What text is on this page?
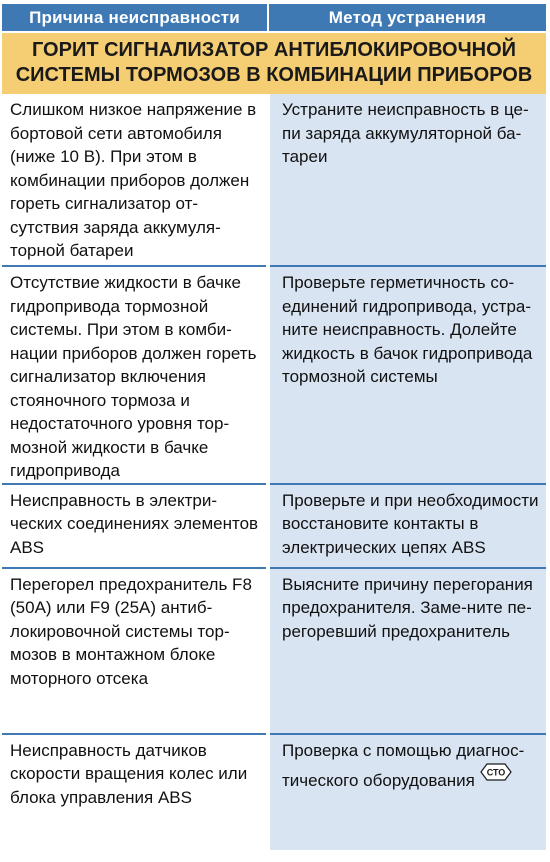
Причина неисправности	Метод устранения
ГОРИТ СИГНАЛИЗАТОР АНТИБЛОКИРОВОЧНОЙ СИСТЕМЫ ТОРМОЗОВ В КОМБИНАЦИИ ПРИБОРОВ	
Слишком низкое напряжение в бортовой сети автомобиля (ниже 10 В). При этом в комбинации приборов должен гореть сигнализатор отсутствия заряда аккумуляторной батареи	Устраните неисправность в цепи заряда аккумуляторной батареи
Отсутствие жидкости в бачке гидропривода тормозной системы. При этом в комбинации приборов должен гореть сигнализатор включения стояночного тормоза и недостаточного уровня тормозной жидкости в бачке гидропривода	Проверьте герметичность соединений гидропривода, устраните неисправность. Долейте жидкость в бачок гидропривода тормозной системы
Неисправность в электрических соединениях элементов ABS	Проверьте и при необходимости восстановите контакты в электрических цепях ABS
Перегорел предохранитель F8 (50А) или F9 (25А) антиблокировочной системы тормозов в монтажном блоке моторного отсека	Выясните причину перегорания предохранителя. Заме-ните перегоревший предохранитель
Неисправность датчиков скорости вращения колес или блока управления ABS	Проверка с помощью диагностического оборудования СТО
